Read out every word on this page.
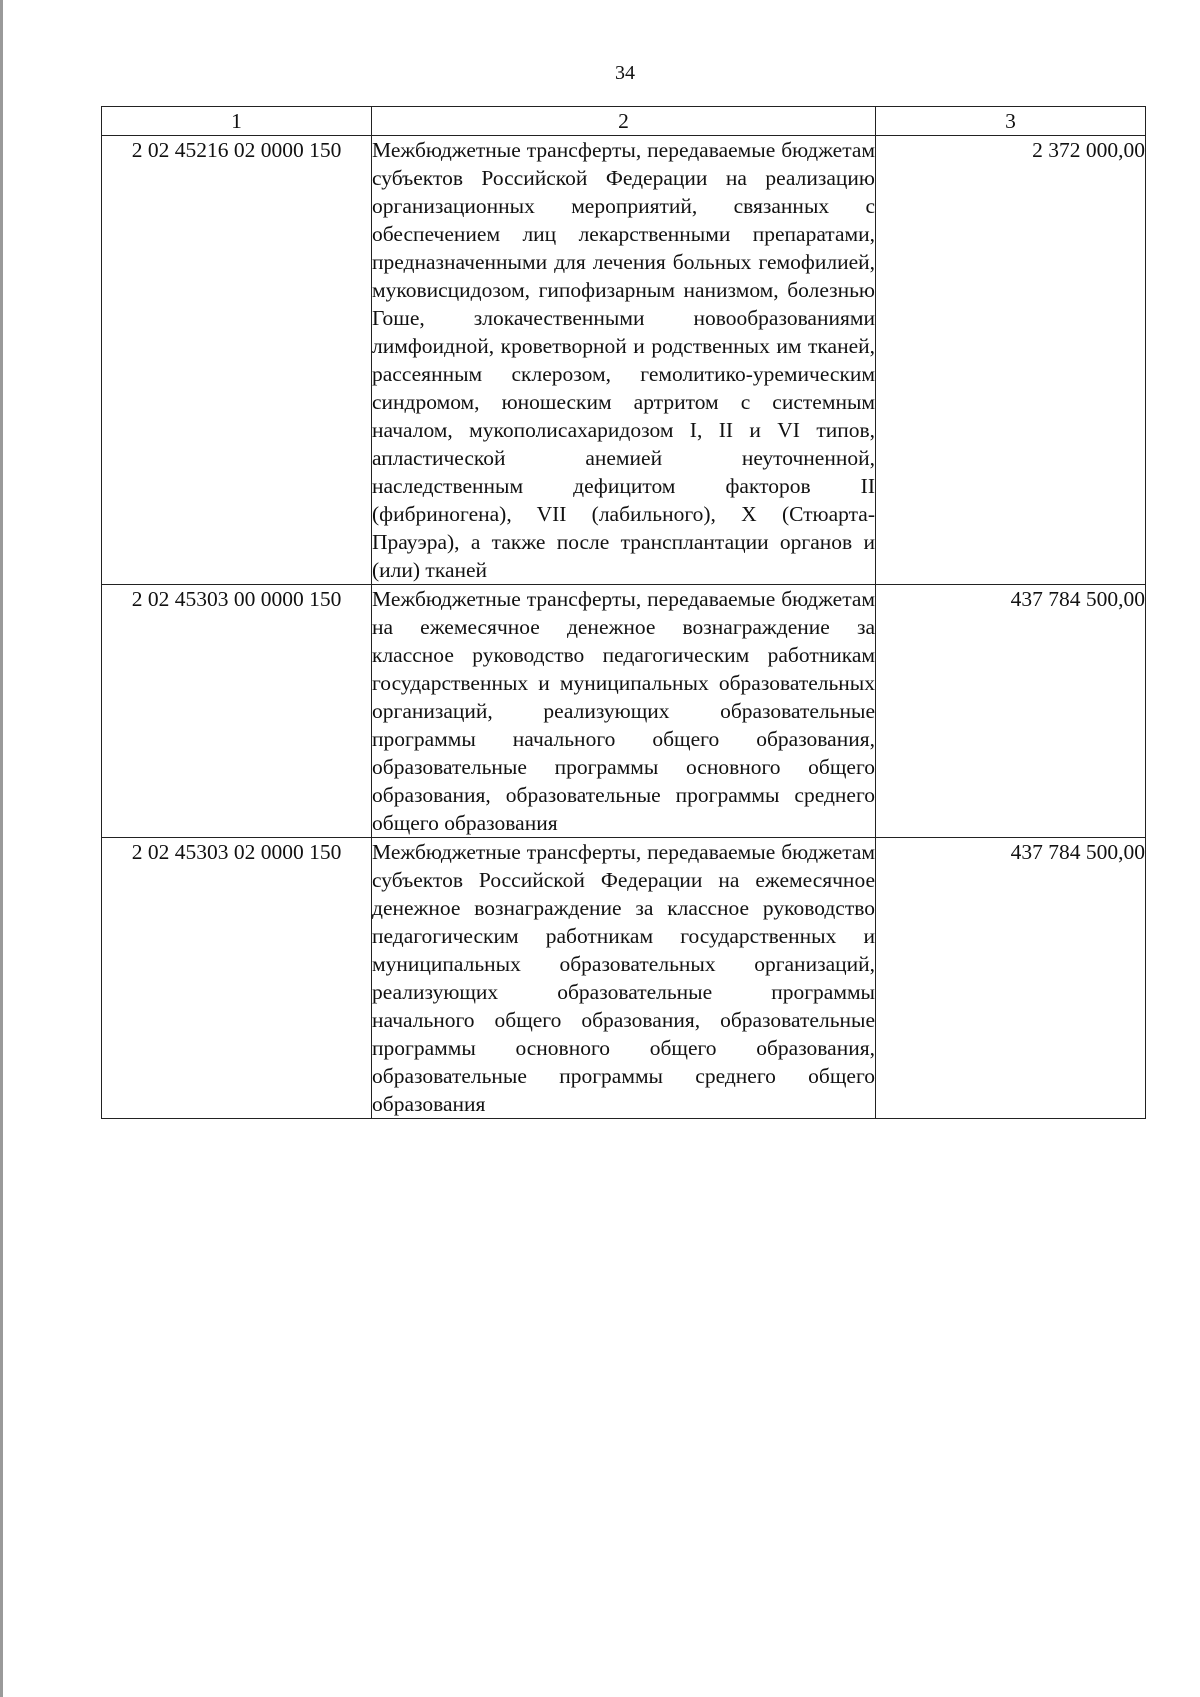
34
1	2	3
2 02 45216 02 0000 150	Межбюджетные трансферты, передаваемые бюджетам субъектов Российской Федерации на реализацию организационных мероприятий, связанных с обеспечением лиц лекарственными препаратами, предназначенными для лечения больных гемофилией, муковисцидозом, гипофизарным нанизмом, болезнью Гоше, злокачественными новообразованиями лимфоидной, кроветворной и родственных им тканей, рассеянным склерозом, гемолитико-уремическим синдромом, юношеским артритом с системным началом, мукополисахаридозом I, II и VI типов, апластической анемией неуточненной, наследственным дефицитом факторов II (фибриногена), VII (лабильного), X (Стюарта-Прауэра), а также после трансплантации органов и (или) тканей	2 372 000,00
2 02 45303 00 0000 150	Межбюджетные трансферты, передаваемые бюджетам на ежемесячное денежное вознаграждение за классное руководство педагогическим работникам государственных и муниципальных образовательных организаций, реализующих образовательные программы начального общего образования, образовательные программы основного общего образования, образовательные программы среднего общего образования	437 784 500,00
2 02 45303 02 0000 150	Межбюджетные трансферты, передаваемые бюджетам субъектов Российской Федерации на ежемесячное денежное вознаграждение за классное руководство педагогическим работникам государственных и муниципальных образовательных организаций, реализующих образовательные программы начального общего образования, образовательные программы основного общего образования, образовательные программы среднего общего образования	437 784 500,00
